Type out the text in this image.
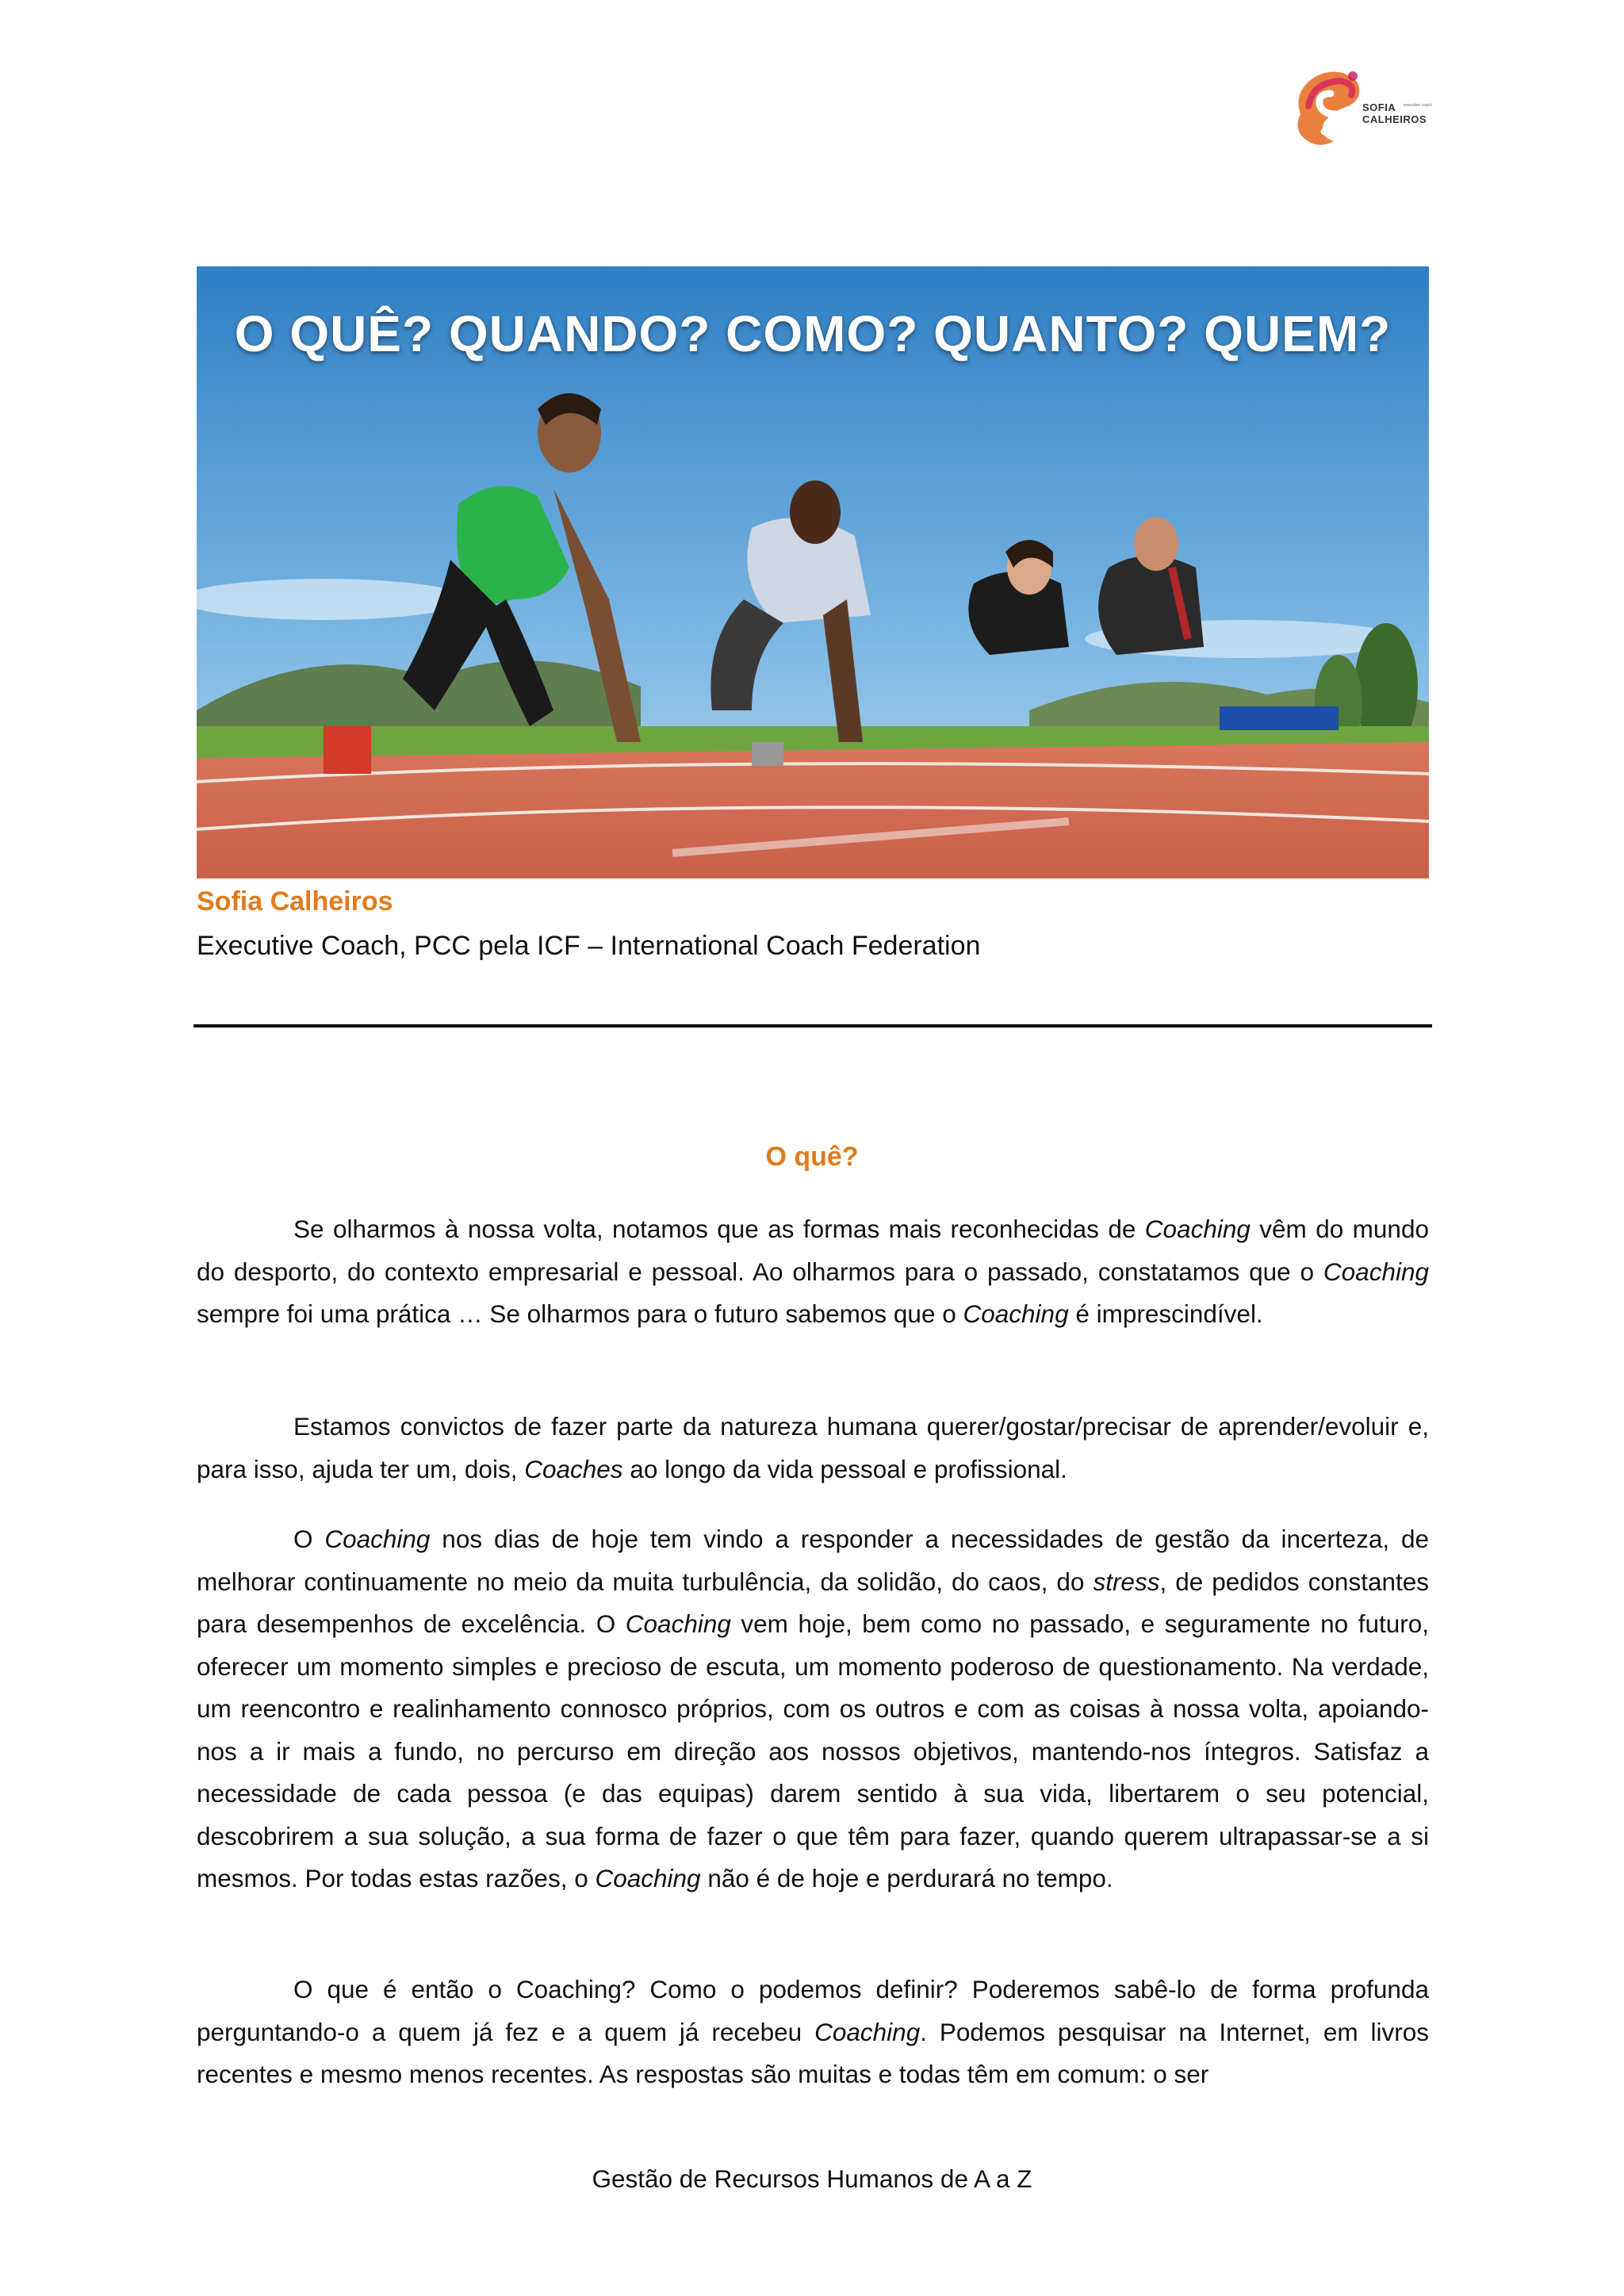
SOFIA
CALHEIROS
executive coach
O QUÊ? QUANDO? COMO? QUANTO? QUEM?
Sofia Calheiros
Executive Coach, PCC pela ICF – International Coach Federation
O quê?

Se olharmos à nossa volta, notamos que as formas mais reconhecidas de Coaching vêm do mundo do desporto, do contexto empresarial e pessoal. Ao olharmos para o passado, constatamos que o Coaching sempre foi uma prática … Se olharmos para o futuro sabemos que o Coaching é imprescindível.

Estamos convictos de fazer parte da natureza humana querer/gostar/precisar de aprender/evoluir e, para isso, ajuda ter um, dois, Coaches ao longo da vida pessoal e profissional.

O Coaching nos dias de hoje tem vindo a responder a necessidades de gestão da incerteza, de melhorar continuamente no meio da muita turbulência, da solidão, do caos, do stress, de pedidos constantes para desempenhos de excelência. O Coaching vem hoje, bem como no passado, e seguramente no futuro, oferecer um momento simples e precioso de escuta, um momento poderoso de questionamento. Na verdade, um reencontro e realinhamento connosco próprios, com os outros e com as coisas à nossa volta, apoiando-nos a ir mais a fundo, no percurso em direção aos nossos objetivos, mantendo-nos íntegros. Satisfaz a necessidade de cada pessoa (e das equipas) darem sentido à sua vida, libertarem o seu potencial, descobrirem a sua solução, a sua forma de fazer o que têm para fazer, quando querem ultrapassar-se a si mesmos. Por todas estas razões, o Coaching não é de hoje e perdurará no tempo.

O que é então o Coaching? Como o podemos definir? Poderemos sabê-lo de forma profunda perguntando-o a quem já fez e a quem já recebeu Coaching. Podemos pesquisar na Internet, em livros recentes e mesmo menos recentes. As respostas são muitas e todas têm em comum: o ser

Gestão de Recursos Humanos de A a Z
